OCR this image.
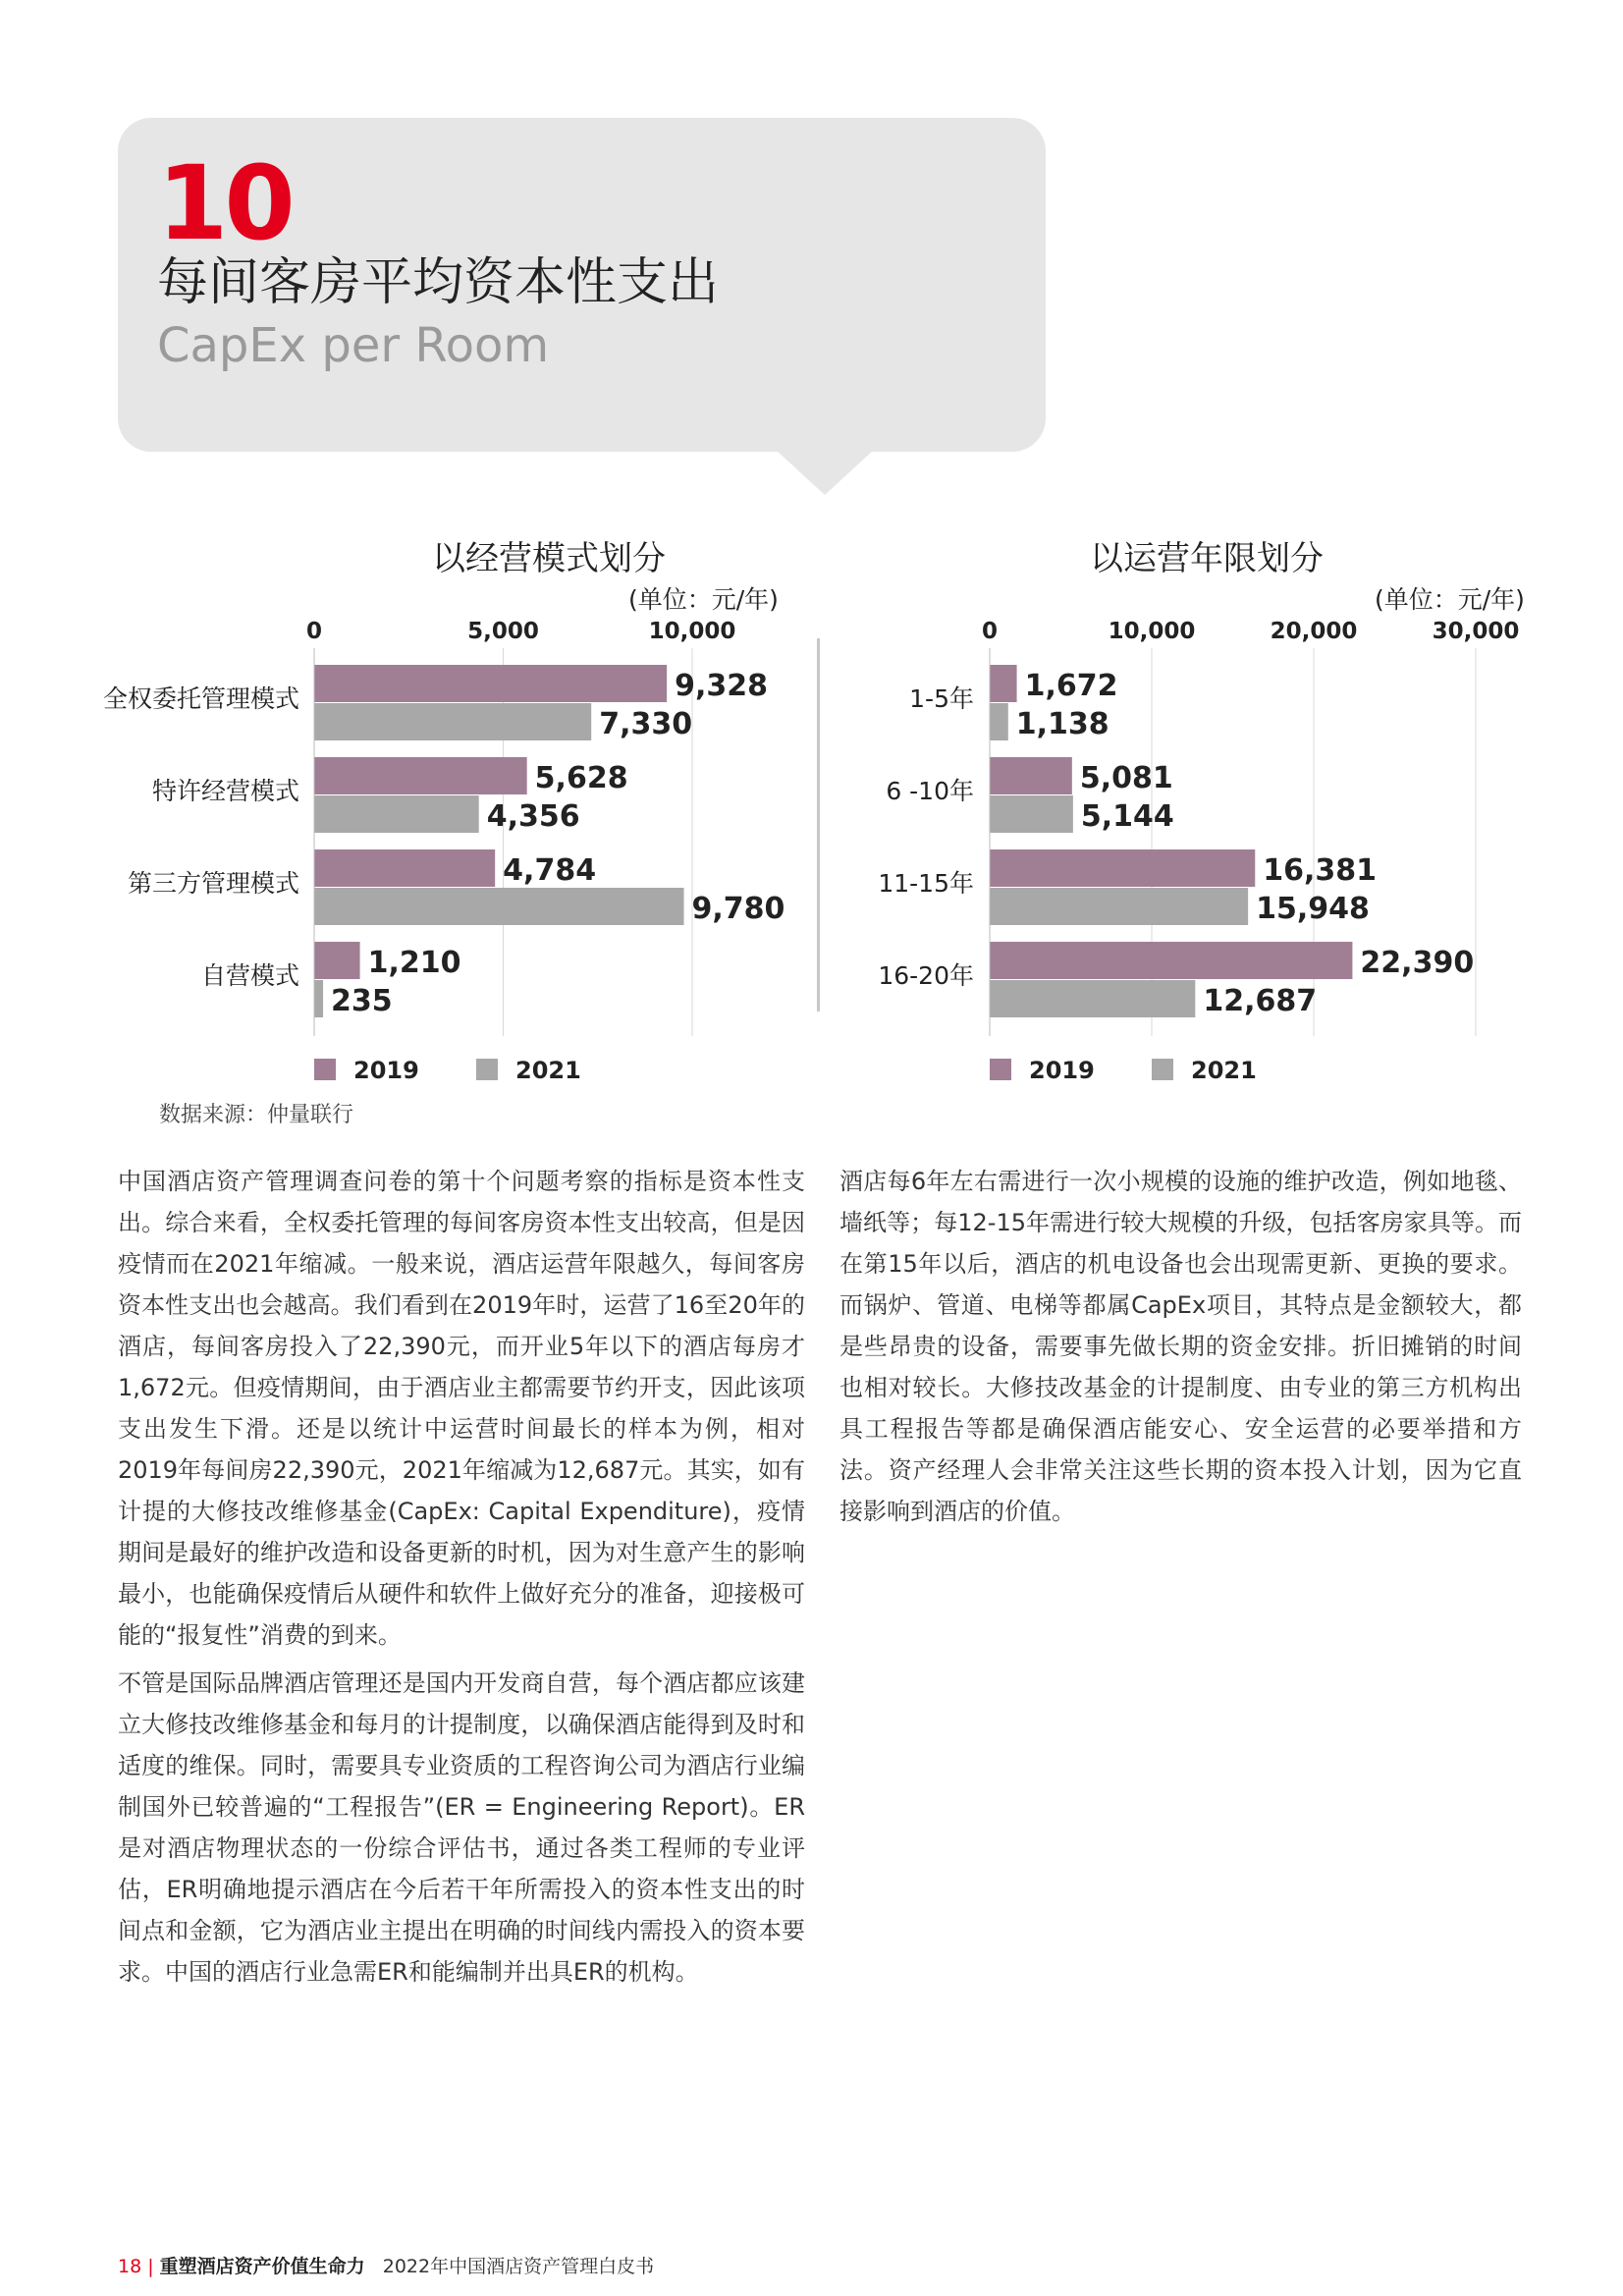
10
每间客房平均资本性支出
CapEx per Room
以经营模式划分
(单位：元/年)
0	5,000	10,000
全权委托管理模式	9,328
7,330
特许经营模式	5,628
4,356
第三方管理模式	4,784
9,780
自营模式 1,210
235
2019	2021
以运营年限划分
(单位：元/年)
0	10,000	20,000	30,000
1-5年 1,672
1,138
6 -10年	5,081
5,144
11-15年	16,381
15,948
16-20年	22,390
12,687
2019	2021
数据来源：仲量联行

中国酒店资产管理调查问卷的第十个问题考察的指标是资本性支出。综合来看，全权委托管理的每间客房资本性支出较高，但是因疫情而在2021年缩减。一般来说，酒店运营年限越久，每间客房资本性支出也会越高。我们看到在2019年时，运营了16至20年的酒店，每间客房投入了22,390元，而开业5年以下的酒店每房才1,672元。但疫情期间，由于酒店业主都需要节约开支，因此该项支出发生下滑。还是以统计中运营时间最长的样本为例，相对2019年每间房22,390元，2021年缩减为12,687元。其实，如有计提的大修技改维修基金(CapEx: Capital Expenditure)，疫情期间是最好的维护改造和设备更新的时机，因为对生意产生的影响最小，也能确保疫情后从硬件和软件上做好充分的准备，迎接极可能的“报复性”消费的到来。

不管是国际品牌酒店管理还是国内开发商自营，每个酒店都应该建立大修技改维修基金和每月的计提制度，以确保酒店能得到及时和适度的维保。同时，需要具专业资质的工程咨询公司为酒店行业编制国外已较普遍的“工程报告”(ER = Engineering Report)。ER是对酒店物理状态的一份综合评估书，通过各类工程师的专业评估，ER明确地提示酒店在今后若干年所需投入的资本性支出的时间点和金额，它为酒店业主提出在明确的时间线内需投入的资本要求。中国的酒店行业急需ER和能编制并出具ER的机构。

酒店每6年左右需进行一次小规模的设施的维护改造，例如地毯、墙纸等；每12-15年需进行较大规模的升级，包括客房家具等。而在第15年以后，酒店的机电设备也会出现需更新、更换的要求。而锅炉、管道、电梯等都属CapEx项目，其特点是金额较大，都是些昂贵的设备，需要事先做长期的资金安排。折旧摊销的时间也相对较长。大修技改基金的计提制度、由专业的第三方机构出具工程报告等都是确保酒店能安心、安全运营的必要举措和方法。资产经理人会非常关注这些长期的资本投入计划，因为它直接影响到酒店的价值。

18 | 重塑酒店资产价值生命力 2022年中国酒店资产管理白皮书
